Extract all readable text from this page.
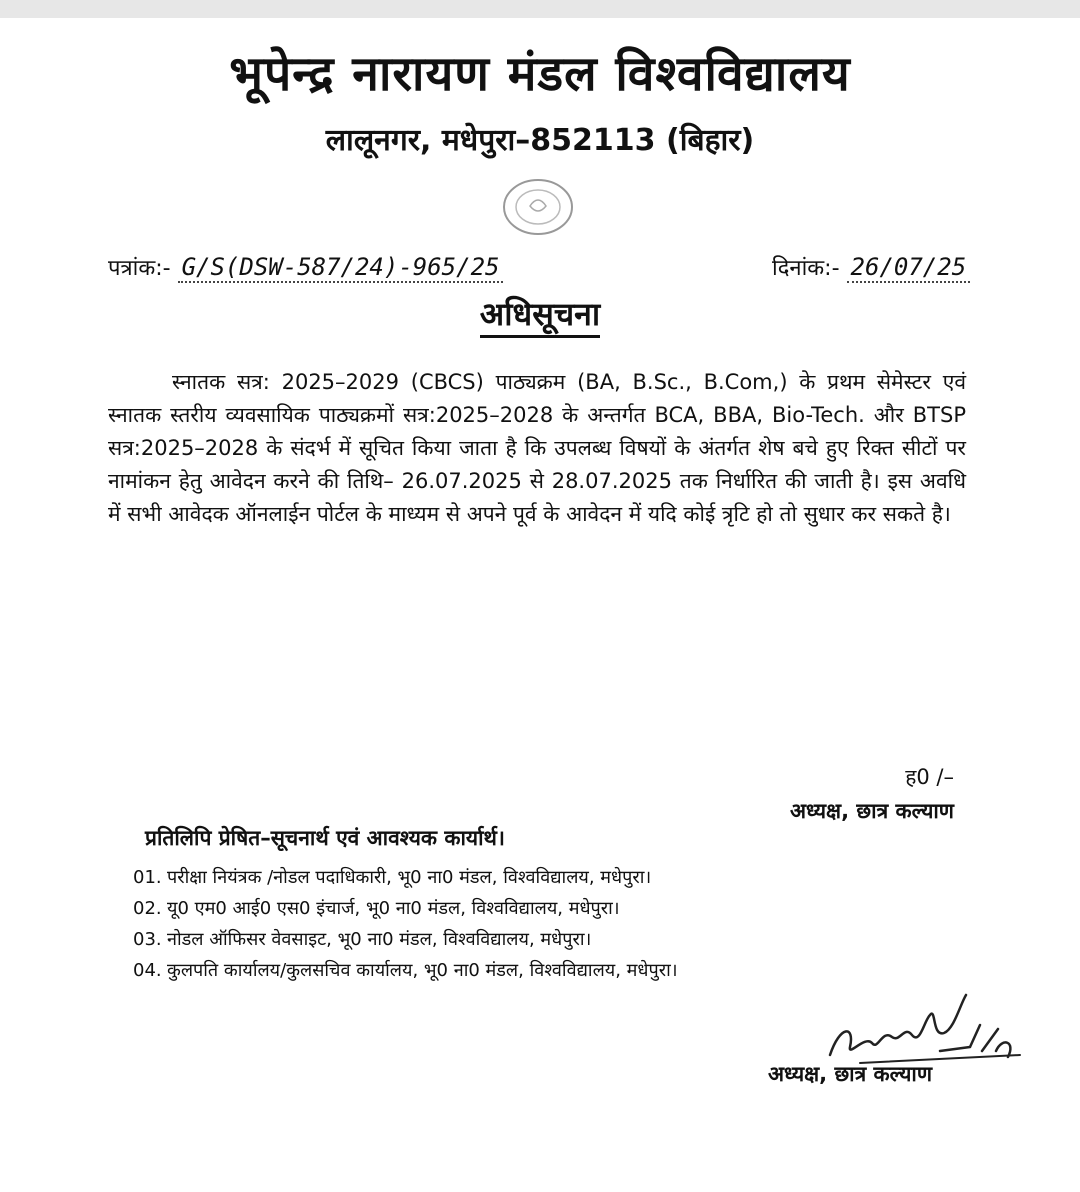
भूपेन्द्र नारायण मंडल विश्वविद्यालय
लालूनगर, मधेपुरा–852113 (बिहार)
पत्रांक:- G/S(DSW-587/24)-965/25	दिनांक:- 26/07/25
अधिसूचना
स्नातक सत्र: 2025–2029 (CBCS) पाठ्यक्रम (BA, B.Sc., B.Com,) के प्रथम सेमेस्टर एवं स्नातक स्तरीय व्यवसायिक पाठ्यक्रमों सत्र:2025–2028 के अन्तर्गत BCA, BBA, Bio-Tech. और BTSP सत्र:2025–2028 के संदर्भ में सूचित किया जाता है कि उपलब्ध विषयों के अंतर्गत शेष बचे हुए रिक्त सीटों पर नामांकन हेतु आवेदन करने की तिथि– 26.07.2025 से 28.07.2025 तक निर्धारित की जाती है। इस अवधि में सभी आवेदक ऑनलाईन पोर्टल के माध्यम से अपने पूर्व के आवेदन में यदि कोई त्रृटि हो तो सुधार कर सकते है।
ह0 /–
अध्यक्ष, छात्र कल्याण
प्रतिलिपि प्रेषित–सूचनार्थ एवं आवश्यक कार्यार्थ।
01. परीक्षा नियंत्रक /नोडल पदाधिकारी, भू0 ना0 मंडल, विश्वविद्यालय, मधेपुरा।
02. यू0 एम0 आई0 एस0 इंचार्ज, भू0 ना0 मंडल, विश्वविद्यालय, मधेपुरा।
03. नोडल ऑफिसर वेवसाइट, भू0 ना0 मंडल, विश्वविद्यालय, मधेपुरा।
04. कुलपति कार्यालय/कुलसचिव कार्यालय, भू0 ना0 मंडल, विश्वविद्यालय, मधेपुरा।
अध्यक्ष, छात्र कल्याण
